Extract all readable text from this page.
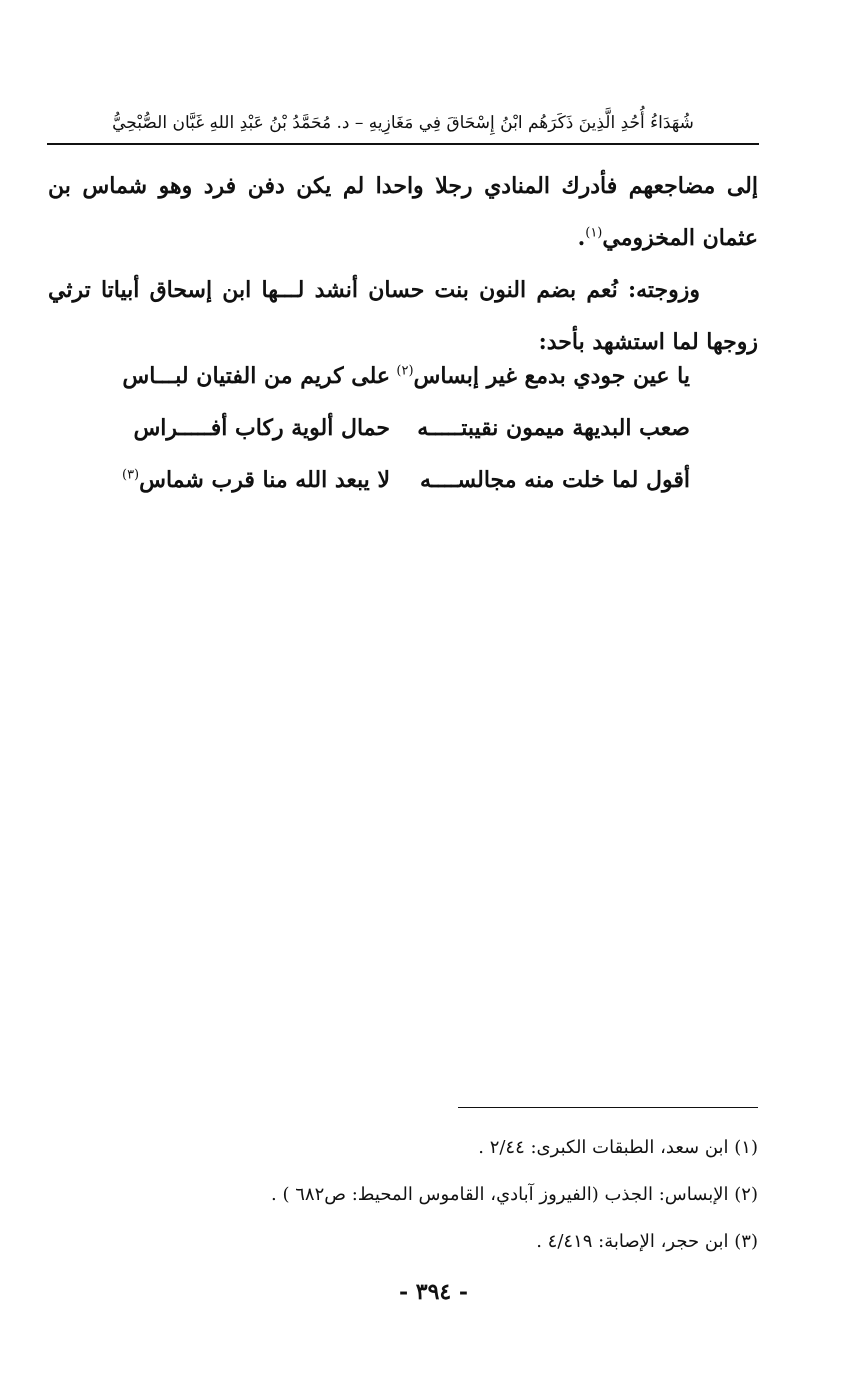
شُهَدَاءُ أُحُدِ الَّذِينَ ذَكَرَهُم ابْنُ إِسْحَاقَ فِي مَغَازِيهِ – د. مُحَمَّدُ بْنُ عَبْدِ اللهِ غَبَّان الصُّبْحِيُّ

إلى مضاجعهم فأدرك المنادي رجلا واحدا لم يكن دفن فرد وهو شماس بن عثمان المخزومي$^{(١)}$.

وزوجته: نُعم بضم النون بنت حسان أنشد لـــها ابن إسحاق أبياتا ترثي زوجها لما استشهد بأحد:

يا عين جودي بدمع غير إبساس$^{(٢)}$
على كريم من الفتيان لبـــاس
صعب البديهة ميمون نقيبتـــــه
حمال ألوية ركاب أفـــــراس
أقول لما خلت منه مجالســــه
لا يبعد الله منا قرب شماس$^{(٣)}$
(١) ابن سعد، الطبقات الكبرى: ٢/٤٤ .
(٢) الإبساس: الجذب (الفيروز آبادي، القاموس المحيط: ص٦٨٢ ) .
(٣) ابن حجر، الإصابة: ٤/٤١٩ .
- ٣٩٤ -
